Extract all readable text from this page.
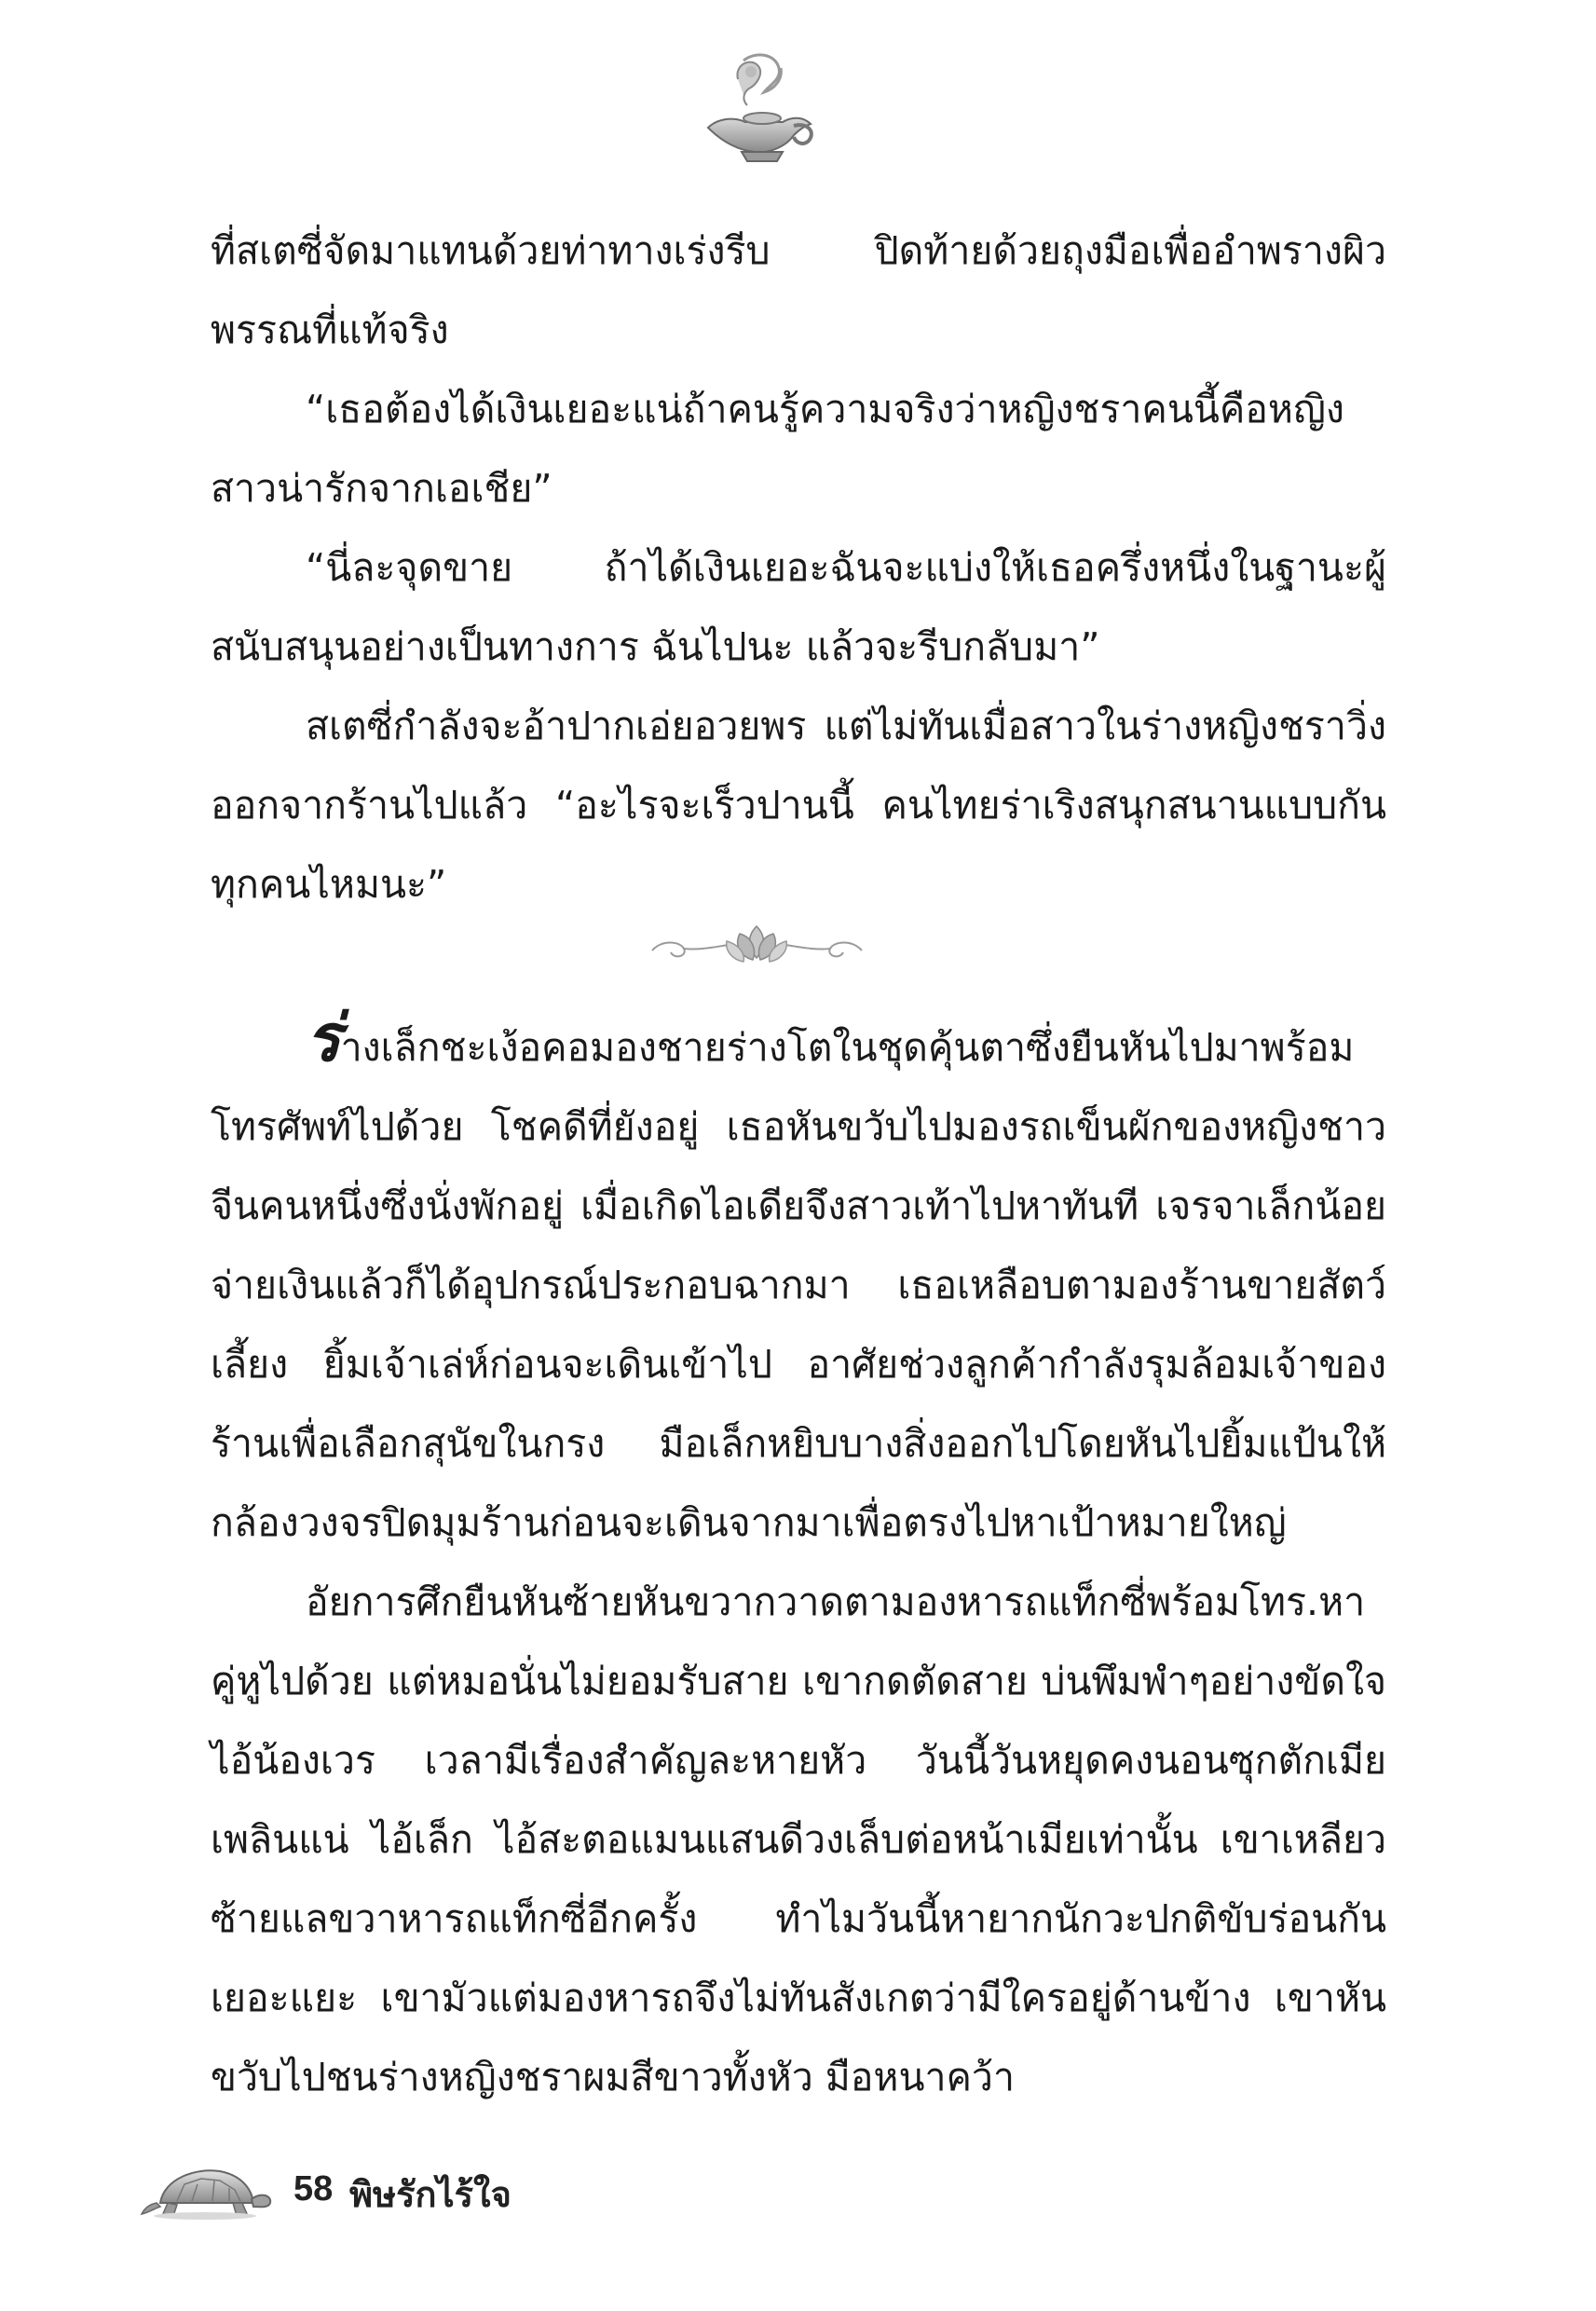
ที่สเตซี่จัดมาแทนด้วยท่าทางเร่งรีบ ปิดท้ายด้วยถุงมือเพื่ออำพรางผิวพรรณที่แท้จริง

“เธอต้องได้เงินเยอะแน่ถ้าคนรู้ความจริงว่าหญิงชราคนนี้คือหญิงสาวน่ารักจากเอเชีย”

“นี่ละจุดขาย ถ้าได้เงินเยอะฉันจะแบ่งให้เธอครึ่งหนึ่งในฐานะผู้สนับสนุนอย่างเป็นทางการ ฉันไปนะ แล้วจะรีบกลับมา”

สเตซี่กำลังจะอ้าปากเอ่ยอวยพร แต่ไม่ทันเมื่อสาวในร่างหญิงชราวิ่งออกจากร้านไปแล้ว “อะไรจะเร็วปานนี้ คนไทยร่าเริงสนุกสนานแบบกันทุกคนไหมนะ”

ร่างเล็กชะเง้อคอมองชายร่างโตในชุดคุ้นตาซึ่งยืนหันไปมาพร้อมโทรศัพท์ไปด้วย โชคดีที่ยังอยู่ เธอหันขวับไปมองรถเข็นผักของหญิงชาวจีนคนหนึ่งซึ่งนั่งพักอยู่ เมื่อเกิดไอเดียจึงสาวเท้าไปหาทันที เจรจาเล็กน้อยจ่ายเงินแล้วก็ได้อุปกรณ์ประกอบฉากมา เธอเหลือบตามองร้านขายสัตว์เลี้ยง ยิ้มเจ้าเล่ห์ก่อนจะเดินเข้าไป อาศัยช่วงลูกค้ากำลังรุมล้อมเจ้าของร้านเพื่อเลือกสุนัขในกรง มือเล็กหยิบบางสิ่งออกไปโดยหันไปยิ้มแป้นให้กล้องวงจรปิดมุมร้านก่อนจะเดินจากมาเพื่อตรงไปหาเป้าหมายใหญ่

อัยการศึกยืนหันซ้ายหันขวากวาดตามองหารถแท็กซี่พร้อมโทร.หาคู่หูไปด้วย แต่หมอนั่นไม่ยอมรับสาย เขากดตัดสาย บ่นพึมพำๆอย่างขัดใจ ไอ้น้องเวร เวลามีเรื่องสำคัญละหายหัว วันนี้วันหยุดคงนอนซุกตักเมียเพลินแน่ ไอ้เล็ก ไอ้สะตอแมนแสนดีวงเล็บต่อหน้าเมียเท่านั้น เขาเหลียวซ้ายแลขวาหารถแท็กซี่อีกครั้ง ทำไมวันนี้หายากนักวะปกติขับร่อนกันเยอะแยะ เขามัวแต่มองหารถจึงไม่ทันสังเกตว่ามีใครอยู่ด้านข้าง เขาหันขวับไปชนร่างหญิงชราผมสีขาวทั้งหัว มือหนาคว้า

58 พิษรักไร้ใจ
